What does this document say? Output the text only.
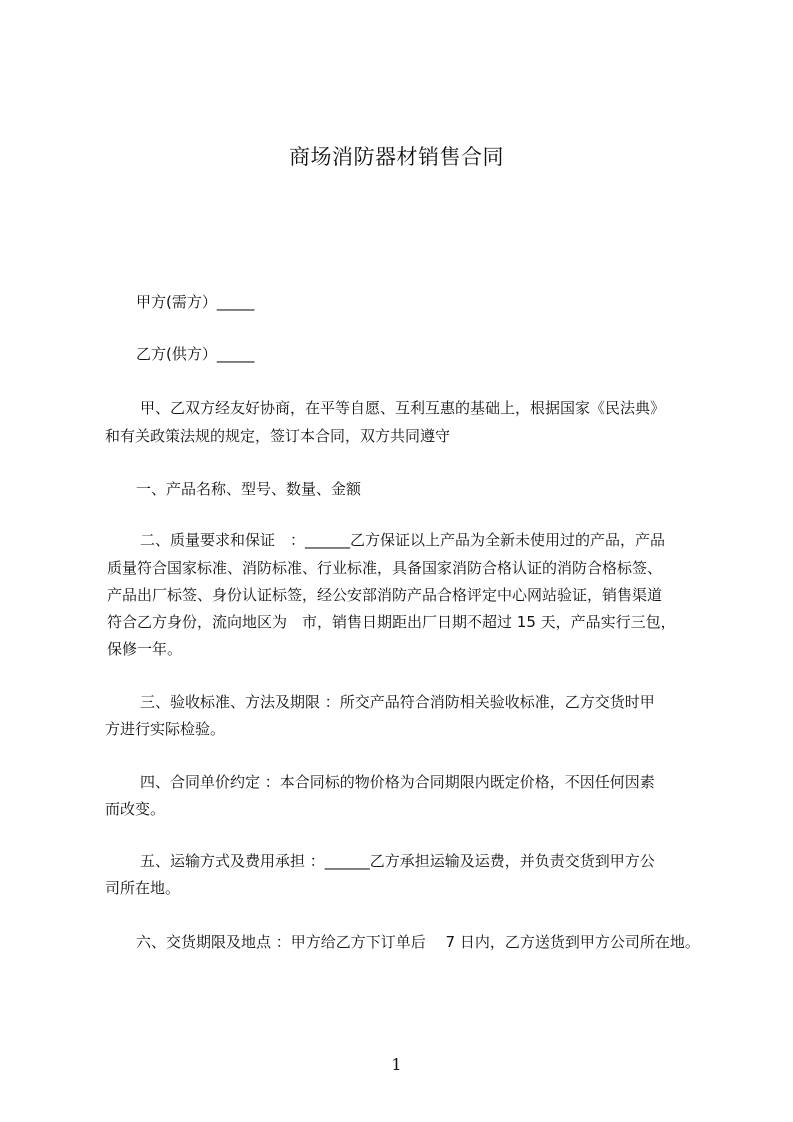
商场消防器材销售合同
甲方(需方）_____
乙方(供方）_____
甲、乙双方经友好协商，在平等自愿、互利互惠的基础上，根据国家《民法典》
和有关政策法规的规定，签订本合同，双方共同遵守
一、产品名称、型号、数量、金额
二、质量要求和保证　：______乙方保证以上产品为全新未使用过的产品，产品
质量符合国家标准、消防标准、行业标准，具备国家消防合格认证的消防合格标签、
产品出厂标签、身份认证标签，经公安部消防产品合格评定中心网站验证，销售渠道
符合乙方身份，流向地区为　市，销售日期距出厂日期不超过 15 天，产品实行三包，
保修一年。
三、验收标准、方法及期限 ：所交产品符合消防相关验收标准，乙方交货时甲
方进行实际检验。
四、合同单价约定 ：本合同标的物价格为合同期限内既定价格，不因任何因素
而改变。
五、运输方式及费用承担 ：______乙方承担运输及运费，并负责交货到甲方公
司所在地。
六、交货期限及地点 ：甲方给乙方下订单后　 7 日内，乙方送货到甲方公司所在地。
1
